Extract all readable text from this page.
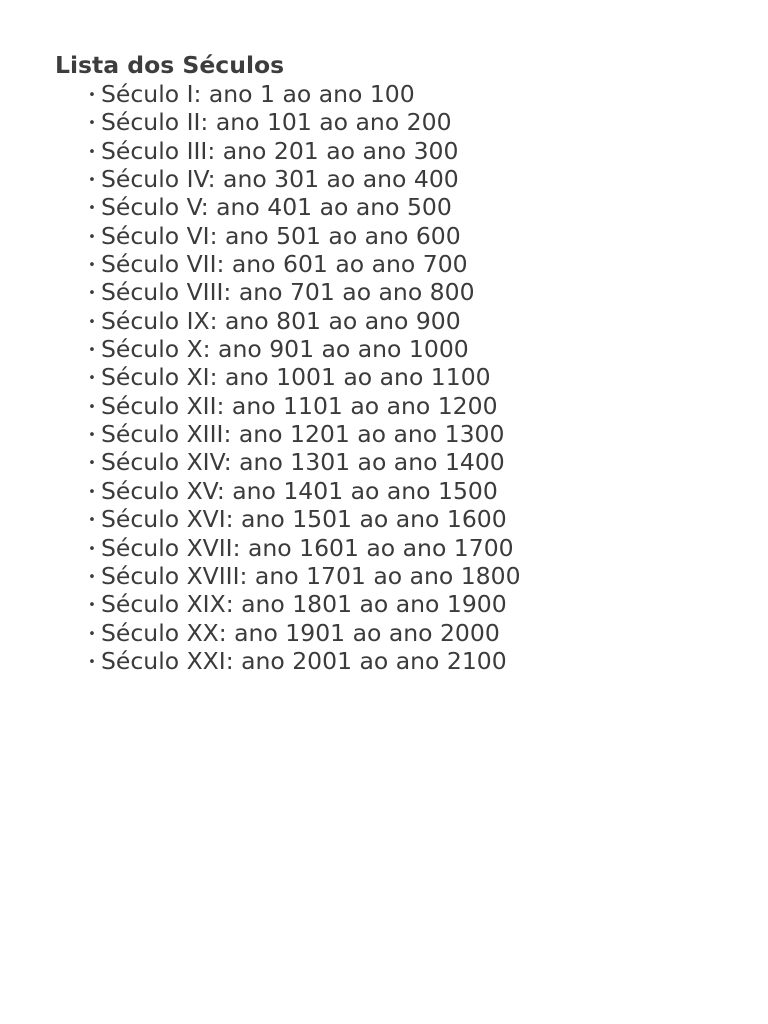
Lista dos Séculos
• Século I: ano 1 ao ano 100
• Século II: ano 101 ao ano 200
• Século III: ano 201 ao ano 300
• Século IV: ano 301 ao ano 400
• Século V: ano 401 ao ano 500
• Século VI: ano 501 ao ano 600
• Século VII: ano 601 ao ano 700
• Século VIII: ano 701 ao ano 800
• Século IX: ano 801 ao ano 900
• Século X: ano 901 ao ano 1000
• Século XI: ano 1001 ao ano 1100
• Século XII: ano 1101 ao ano 1200
• Século XIII: ano 1201 ao ano 1300
• Século XIV: ano 1301 ao ano 1400
• Século XV: ano 1401 ao ano 1500
• Século XVI: ano 1501 ao ano 1600
• Século XVII: ano 1601 ao ano 1700
• Século XVIII: ano 1701 ao ano 1800
• Século XIX: ano 1801 ao ano 1900
• Século XX: ano 1901 ao ano 2000
• Século XXI: ano 2001 ao ano 2100
